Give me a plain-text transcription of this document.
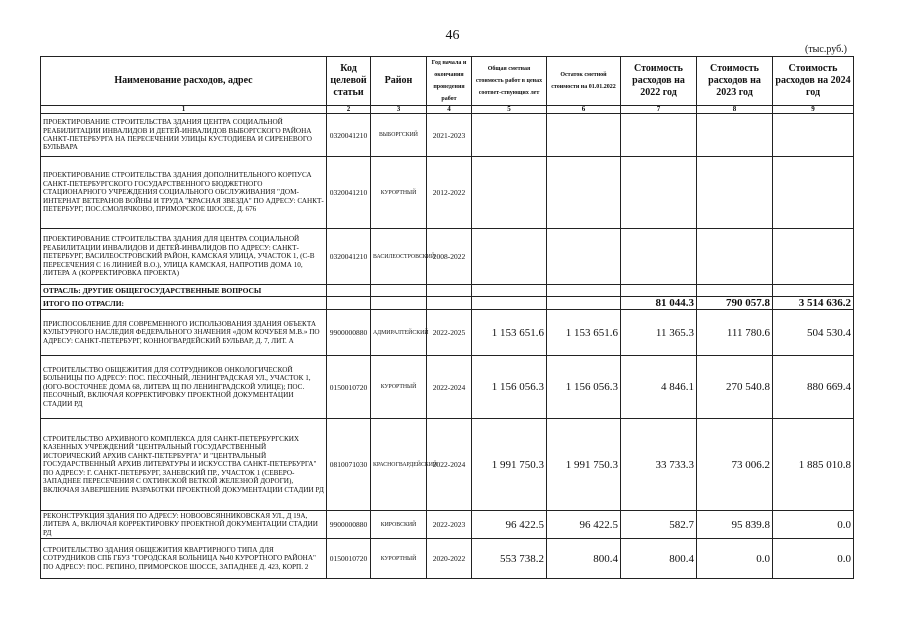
46
(тыс.руб.)
Наименование расходов, адрес	Код целевой статьи	Район	Год начала и окончания проведения работ	Общая сметная стоимость работ в ценах соответ-ствующих лет	Остаток сметной стоимости на 01.01.2022	Стоимость расходов на 2022 год	Стоимость расходов на 2023 год	Стоимость расходов на 2024 год
1	2	3	4	5	6	7	8	9
ПРОЕКТИРОВАНИЕ СТРОИТЕЛЬСТВА ЗДАНИЯ ЦЕНТРА СОЦИАЛЬНОЙ РЕАБИЛИТАЦИИ ИНВАЛИДОВ И ДЕТЕЙ-ИНВАЛИДОВ ВЫБОРГСКОГО РАЙОНА САНКТ-ПЕТЕРБУРГА НА ПЕРЕСЕЧЕНИИ УЛИЦЫ КУСТОДИЕВА И СИРЕНЕВОГО БУЛЬВАРА	0320041210	ВЫБОРГСКИЙ	2021-2023					
ПРОЕКТИРОВАНИЕ СТРОИТЕЛЬСТВА ЗДАНИЯ ДОПОЛНИТЕЛЬНОГО КОРПУСА САНКТ-ПЕТЕРБУРГСКОГО ГОСУДАРСТВЕННОГО БЮДЖЕТНОГО СТАЦИОНАРНОГО УЧРЕЖДЕНИЯ СОЦИАЛЬНОГО ОБСЛУЖИВАНИЯ "ДОМ-ИНТЕРНАТ ВЕТЕРАНОВ ВОЙНЫ И ТРУДА "КРАСНАЯ ЗВЕЗДА" ПО АДРЕСУ: САНКТ-ПЕТЕРБУРГ, ПОС.СМОЛЯЧКОВО, ПРИМОРСКОЕ ШОССЕ, Д. 676	0320041210	КУРОРТНЫЙ	2012-2022					
ПРОЕКТИРОВАНИЕ СТРОИТЕЛЬСТВА ЗДАНИЯ ДЛЯ ЦЕНТРА СОЦИАЛЬНОЙ РЕАБИЛИТАЦИИ ИНВАЛИДОВ И ДЕТЕЙ-ИНВАЛИДОВ ПО АДРЕСУ: САНКТ-ПЕТЕРБУРГ, ВАСИЛЕОСТРОВСКИЙ РАЙОН, КАМСКАЯ УЛИЦА, УЧАСТОК 1, (С-В ПЕРЕСЕЧЕНИЯ С 16 ЛИНИЕЙ В.О.), УЛИЦА КАМСКАЯ, НАПРОТИВ ДОМА 10, ЛИТЕРА А (КОРРЕКТИРОВКА ПРОЕКТА)	0320041210	ВАСИЛЕОСТРОВСКИЙ	2008-2022					
ОТРАСЛЬ: ДРУГИЕ ОБЩЕГОСУДАРСТВЕННЫЕ ВОПРОСЫ								
ИТОГО ПО ОТРАСЛИ:						81 044.3	790 057.8	3 514 636.2
ПРИСПОСОБЛЕНИЕ ДЛЯ СОВРЕМЕННОГО ИСПОЛЬЗОВАНИЯ ЗДАНИЯ ОБЪЕКТА КУЛЬТУРНОГО НАСЛЕДИЯ ФЕДЕРАЛЬНОГО ЗНАЧЕНИЯ «ДОМ КОЧУБЕЯ М.В.» ПО АДРЕСУ: САНКТ-ПЕТЕРБУРГ, КОННОГВАРДЕЙСКИЙ БУЛЬВАР, Д. 7, ЛИТ. А	9900000880	АДМИРАЛТЕЙСКИЙ	2022-2025	1 153 651.6	1 153 651.6	11 365.3	111 780.6	504 530.4
СТРОИТЕЛЬСТВО ОБЩЕЖИТИЯ ДЛЯ СОТРУДНИКОВ ОНКОЛОГИЧЕСКОЙ БОЛЬНИЦЫ ПО АДРЕСУ: ПОС. ПЕСОЧНЫЙ, ЛЕНИНГРАДСКАЯ УЛ., УЧАСТОК 1, (ЮГО-ВОСТОЧНЕЕ ДОМА 68, ЛИТЕРА Щ ПО ЛЕНИНГРАДСКОЙ УЛИЦЕ); ПОС. ПЕСОЧНЫЙ, ВКЛЮЧАЯ КОРРЕКТИРОВКУ ПРОЕКТНОЙ ДОКУМЕНТАЦИИ СТАДИИ РД	0150010720	КУРОРТНЫЙ	2022-2024	1 156 056.3	1 156 056.3	4 846.1	270 540.8	880 669.4
СТРОИТЕЛЬСТВО АРХИВНОГО КОМПЛЕКСА ДЛЯ САНКТ-ПЕТЕРБУРГСКИХ КАЗЕННЫХ УЧРЕЖДЕНИЙ "ЦЕНТРАЛЬНЫЙ ГОСУДАРСТВЕННЫЙ ИСТОРИЧЕСКИЙ АРХИВ САНКТ-ПЕТЕРБУРГА" И "ЦЕНТРАЛЬНЫЙ ГОСУДАРСТВЕННЫЙ АРХИВ ЛИТЕРАТУРЫ И ИСКУССТВА САНКТ-ПЕТЕРБУРГА" ПО АДРЕСУ: Г. САНКТ-ПЕТЕРБУРГ, ЗАНЕВСКИЙ ПР., УЧАСТОК 1 (СЕВЕРО-ЗАПАДНЕЕ ПЕРЕСЕЧЕНИЯ С ОХТИНСКОЙ ВЕТКОЙ ЖЕЛЕЗНОЙ ДОРОГИ), ВКЛЮЧАЯ ЗАВЕРШЕНИЕ РАЗРАБОТКИ ПРОЕКТНОЙ ДОКУМЕНТАЦИИ СТАДИИ РД	0810071030	КРАСНОГВАРДЕЙСКИЙ	2022-2024	1 991 750.3	1 991 750.3	33 733.3	73 006.2	1 885 010.8
РЕКОНСТРУКЦИЯ ЗДАНИЯ ПО АДРЕСУ: НОВООВСЯННИКОВСКАЯ УЛ., Д 19А, ЛИТЕРА А, ВКЛЮЧАЯ КОРРЕКТИРОВКУ ПРОЕКТНОЙ ДОКУМЕНТАЦИИ СТАДИИ РД	9900000880	КИРОВСКИЙ	2022-2023	96 422.5	96 422.5	582.7	95 839.8	0.0
СТРОИТЕЛЬСТВО ЗДАНИЯ ОБЩЕЖИТИЯ КВАРТИРНОГО ТИПА ДЛЯ СОТРУДНИКОВ СПБ ГБУЗ "ГОРОДСКАЯ БОЛЬНИЦА №40 КУРОРТНОГО РАЙОНА" ПО АДРЕСУ: ПОС. РЕПИНО, ПРИМОРСКОЕ ШОССЕ, ЗАПАДНЕЕ Д. 423, КОРП. 2	0150010720	КУРОРТНЫЙ	2020-2022	553 738.2	800.4	800.4	0.0	0.0
